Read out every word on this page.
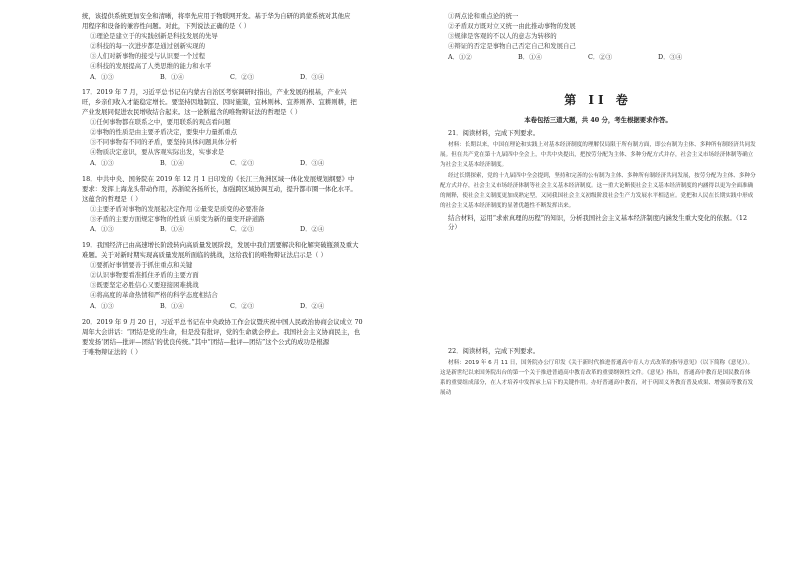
统，该提供系统更加安全和清晰，将率先应用于物联网开发。基于华为自研的鸿蒙系统对其他应

用程序和设备的兼容性问题。对此，下列说法正确的是（ ）

①理论是建立于的实践创新是科技发展的先导

②科技的每一次进步都是通过创新实现的

③人们对新事物的接受与认识要一个过程

④科技的发展提高了人类思维的能力和水平

A．①③	B．①④	C．②③	D．③④

17．2019 年 7 月，习近平总书记在内蒙古自治区考察调研时指出，产业发展的根基，产业兴

旺，乡亲们收入才能稳定增长。要坚持因地制宜、因时施策，宜林则林、宜养则养、宜耕则耕，把

产业发展同促进农民增收结合起来。这一论断蕴含的唯物辩证法的哲理是（ ）

①任何事物都在联系之中，要用联系的观点看问题

②事物的性质是由主要矛盾决定，要集中力量抓重点

③不同事物有不同的矛盾，要坚持具体问题具体分析

④物质决定意识，要从客观实际出发，实事求是

A．①③	B．①④	C．②③	D．③④

18．中共中央、国务院在 2019 年 12 月 1 日印发的《长江三角洲区域一体化发展规划纲要》中

要求：发挥上海龙头带动作用，苏浙皖各扬所长，加强跨区域协调互动，提升都市圈一体化水平。

这蕴含的哲理是（ ）

①主要矛盾对事物的发展起决定作用 ②量变是质变的必要准备

③矛盾的主要方面规定事物的性质 ④质变为新的量变开辟道路

A．①③	B．①④	C．②③	D．②④

19．我国经济已由高速增长阶段转向高质量发展阶段，发展中我们需要解决和化解突破瓶颈及重大

难题。关于对新时期实现高质量发展所面临的挑战，这给我们的唯物辩证法启示是（ ）

①要抓好事情要善于抓住重点和关键

②认识事物要看准抓住矛盾的主要方面

③既要坚定必胜信心又要迎接困难挑战

④将高度的革命热情和严格的科学态度相结合

A．①③	B．①④	C．②③	D．②④

20．2019 年 9 月 20 日，习近平总书记在中央政协工作会议暨庆祝中国人民政治协商会议成立 70

周年大会讲话：“团结是党的生命，但是没有批评，党的生命就会停止。我国社会主义协商民主，也

要发扬‘团结—批评—团结’的优良传统。”其中“团结—批评—团结”这个公式的成功是根源

于唯物辩证法的（ ）

①两点论和重点论的统一

②矛盾双方既对立又统一由此推动事物的发展

③规律是客观的不以人的意志为转移的

④辩证的否定是事物自己否定自己和发展自己

A．①②	B．①④	C．②③	D．③④

第 II 卷

本卷包括三道大题，共 40 分，考生根据要求作答。

21．阅读材料，完成下列要求。

材料：长期以来，中国在理论和实践上对基本经济制度的理解仅局限于所有制方面，即公有制为主体、多种所有制经济共同发展。但在共产党在第十九届四中全会上，中共中央提出，把按劳分配为主体、多种分配方式并存，社会主义市场经济体制等确立为社会主义基本经济制度。

经过长期探索，党的十九届四中全会提到，坚持和完善的公有制为主体、多种所有制经济共同发展，按劳分配为主体、多种分配方式并存，社会主义市场经济体制等社会主义基本经济制度。这一重大论断使社会主义基本经济制度的内涵得以更为全面准确的阐释，使社会主义制度更加成熟定型，又同我国社会主义初级阶段社会生产力发展水平相适应。党把和人民在长期实践中形成的社会主义基本经济制度的显著优越性不断发挥出来。

结合材料，运用“求索真理的历程”的知识，分析我国社会主义基本经济制度内涵发生重大变化的依据。（12 分）

22．阅读材料，完成下列要求。

材料：2019 年 6 月 11 日，国务院办公厅印发《关于新时代推进普通高中育人方式改革的指导意见》（以下简称《意见》）。这是新世纪以来国务院出台的第一个关于推进普通高中教育改革的重要纲领性文件。《意见》指出，普通高中教育是国民教育体系的重要组成部分，在人才培养中发挥承上启下的关键作用。办好普通高中教育，对于巩固义务教育普及成果、增强高等教育发展动
